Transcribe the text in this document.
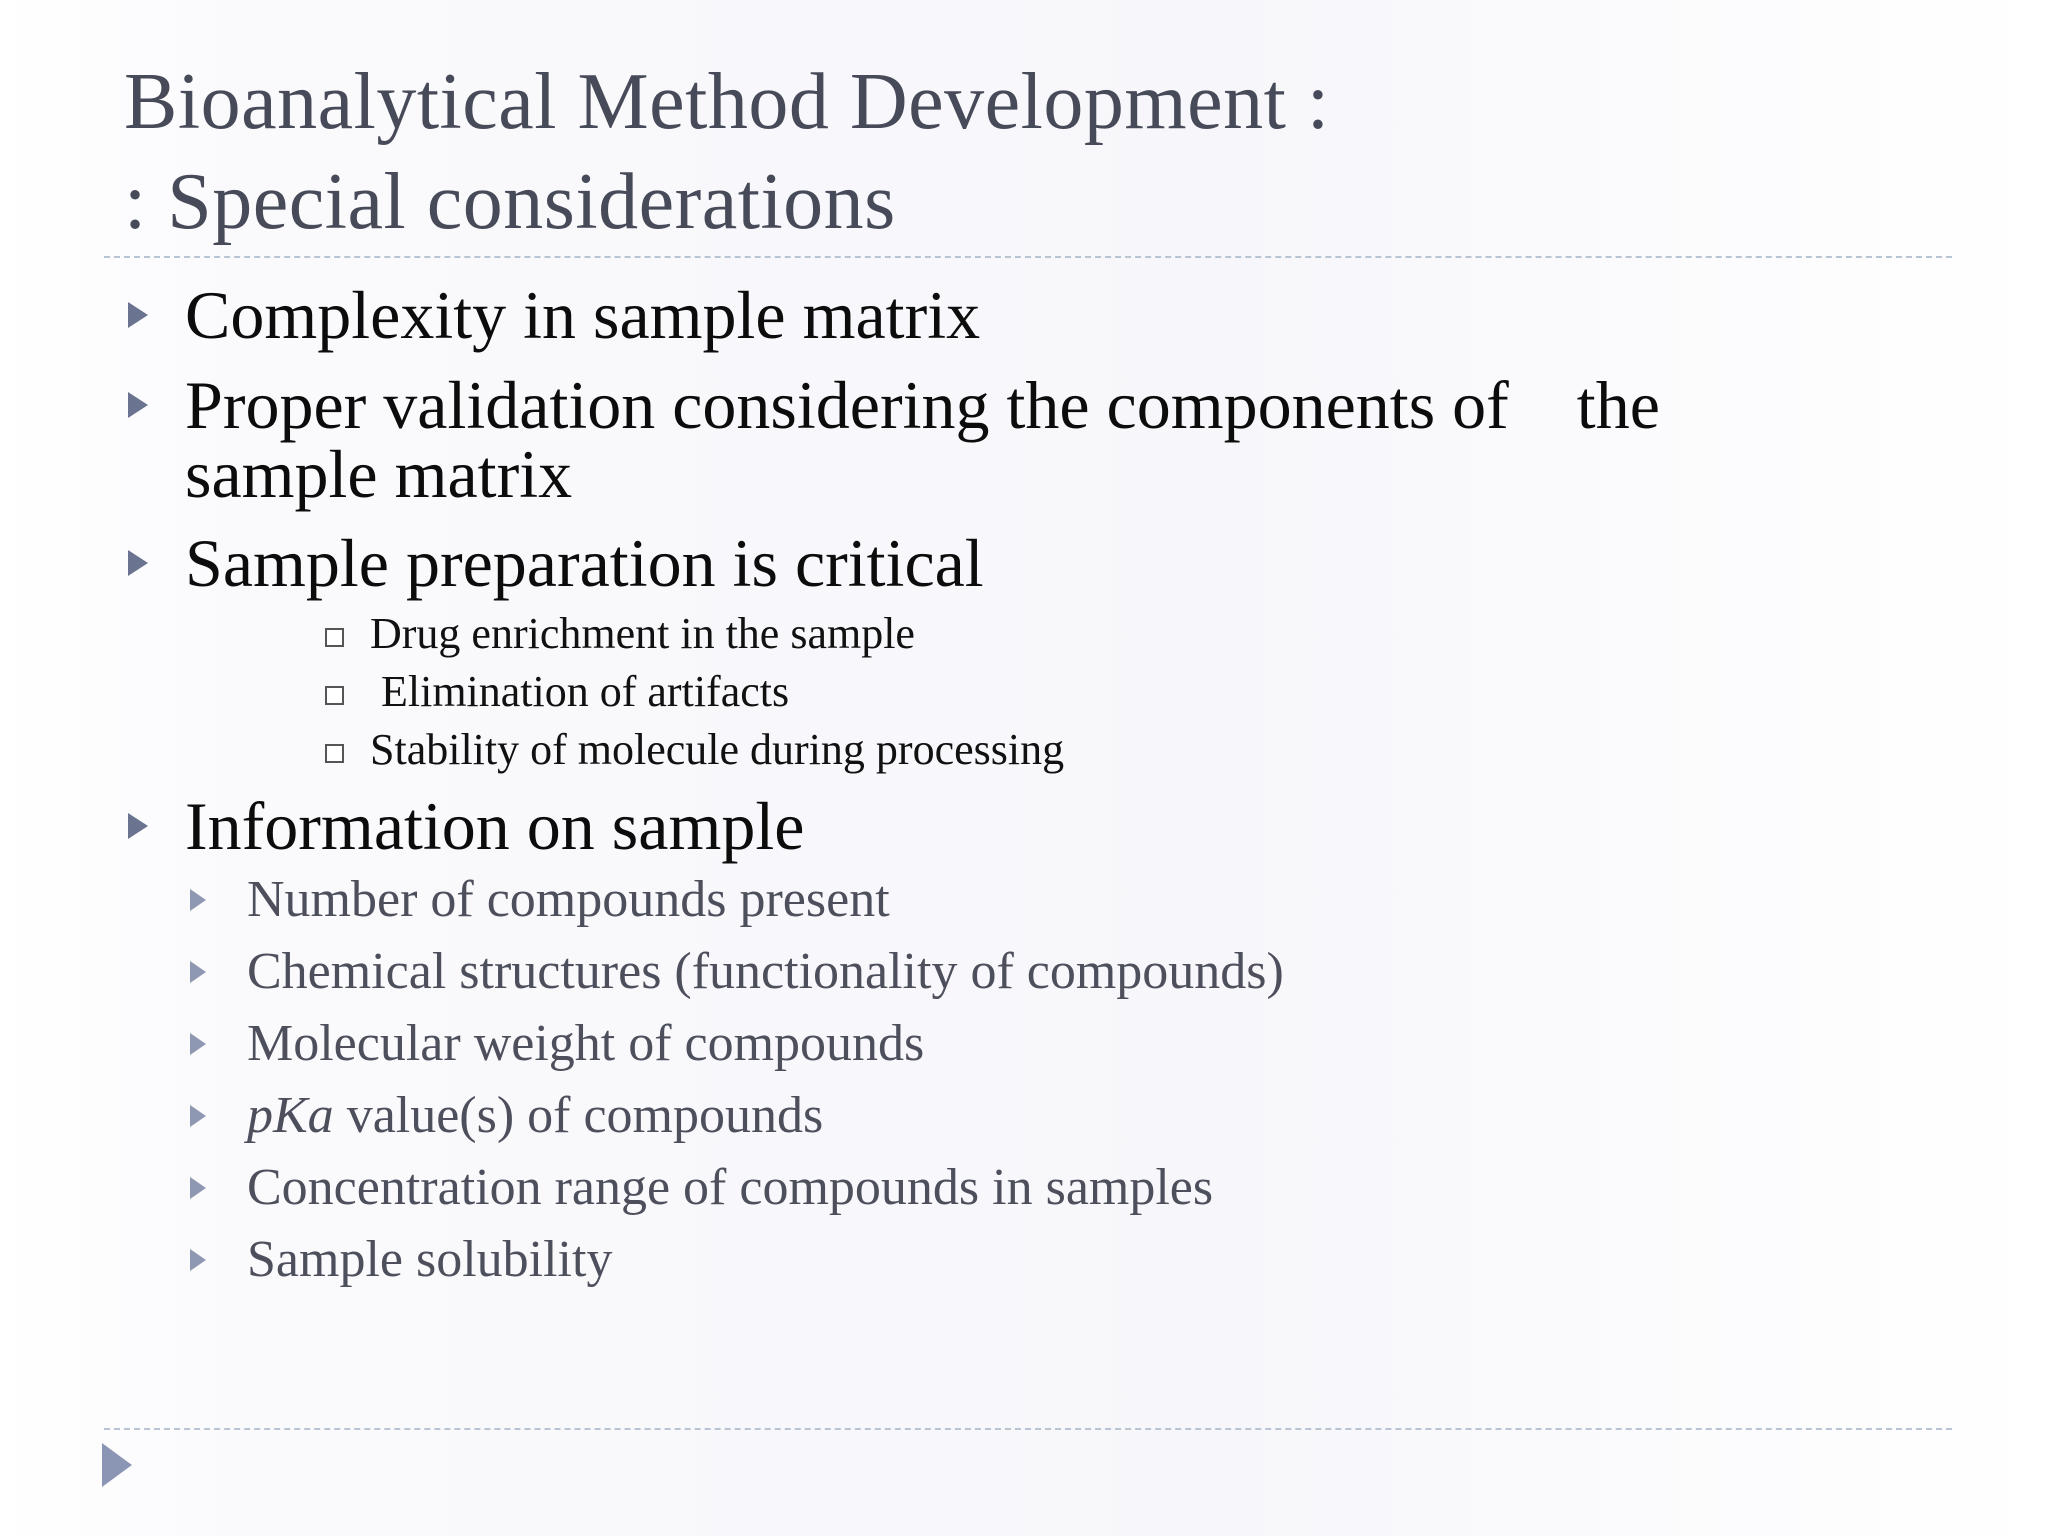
Bioanalytical Method Development :
: Special considerations

Complexity in sample matrix

Proper validation considering the components of    the

sample matrix

Sample preparation is critical

Drug enrichment in the sample

Elimination of artifacts

Stability of molecule during processing

Information on sample

Number of compounds present

Chemical structures (functionality of compounds)

Molecular weight of compounds

pKa value(s) of compounds

Concentration range of compounds in samples

Sample solubility
